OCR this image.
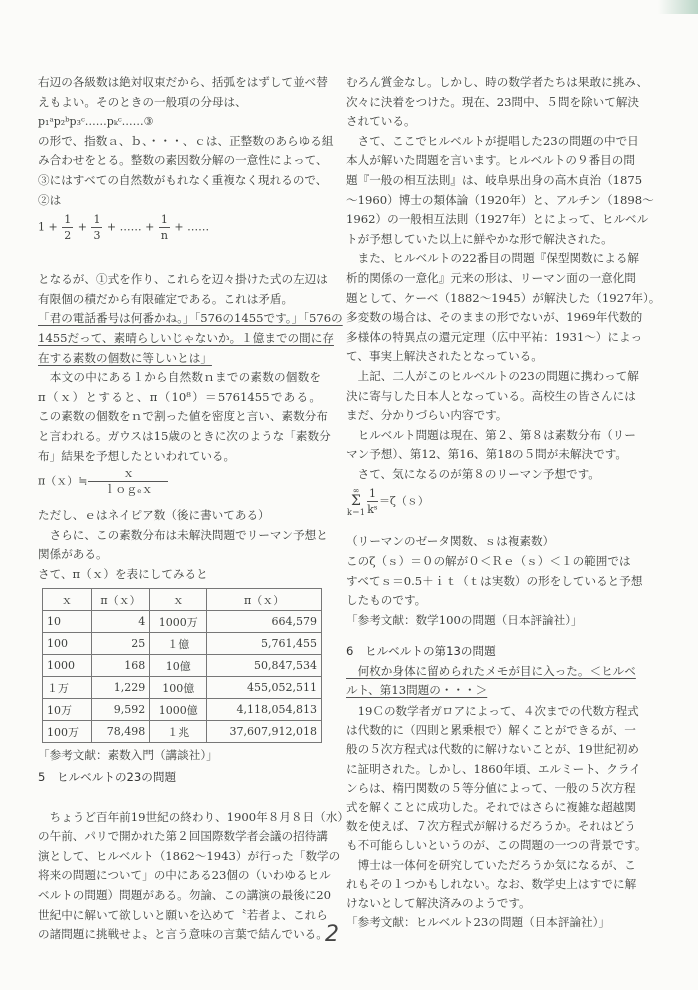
右辺の各級数は絶対収束だから、括弧をはずして並べ替
えもよい。そのときの一般項の分母は、
p₁ᵃp₂ᵇp₃ᶜ……pₖᶜ……③
の形で、指数ａ、ｂ、・・・、ｃは、正整数のあらゆる組
み合わせをとる。整数の素因数分解の一意性によって、
③にはすべての自然数がもれなく重複なく現れるので、
②は
$1 + \frac{1}{2} + \frac{1}{3}$ + …… + $\frac{1}{n}$ + ……
となるが、①式を作り、これらを辺々掛けた式の左辺は
有限個の積だから有限確定である。これは矛盾。
「君の電話番号は何番かね。」「576の1455です。」「576の
1455だって、素晴らしいじゃないか。１億までの間に存
在する素数の個数に等しいとは」
　本文の中にある１から自然数ｎまでの素数の個数を
π（ｘ）とすると、π（10⁸）＝5761455である。
この素数の個数をｎで割った値を密度と言い、素数分布
と言われる。ガウスは15歳のときに次のような「素数分
布」結果を予想したといわれている。
π（ｘ）≒ $\frac{\text{ｘ}}{\text{ｌｏｇₑｘ}}$
ただし、ｅはネイピア数（後に書いてある）
　さらに、この素数分布は未解決問題でリーマン予想と
関係がある。
さて、π（ｘ）を表にしてみると
ｘ	π（ｘ）	ｘ	π（ｘ）
10	4	1000万	664,579
100	25	１億	5,761,455
1000	168	10億	50,847,534
１万	1,229	100億	455,052,511
10万	9,592	1000億	4,118,054,813
100万	78,498	１兆	37,607,912,018
「参考文献：素数入門（講談社）」
5　ヒルベルトの23の問題
　ちょうど百年前19世紀の終わり、1900年８月８日（水）
の午前、パリで開かれた第２回国際数学者会議の招待講
演として、ヒルベルト（1862〜1943）が行った「数学の
将来の問題について」の中にある23個の（いわゆるヒル
ベルトの問題）問題がある。勿論、この講演の最後に20
世紀中に解いて欲しいと願いを込めて〝若者よ、これら
の諸問題に挑戦せよ〟と言う意味の言葉で結んでいる。
むろん賞金なし。しかし、時の数学者たちは果敢に挑み、
次々に決着をつけた。現在、23問中、５問を除いて解決
されている。
　さて、ここでヒルベルトが提唱した23の問題の中で日
本人が解いた問題を言います。ヒルベルトの９番目の問
題『一般の相互法則』は、岐阜県出身の高木貞治（1875
〜1960）博士の類体論（1920年）と、アルチン（1898〜
1962）の一般相互法則（1927年）とによって、ヒルベル
トが予想していた以上に鮮やかな形で解決された。
　また、ヒルベルトの22番目の問題『保型関数による解
析的関係の一意化』元来の形は、リーマン面の一意化問
題として、ケーベ（1882〜1945）が解決した（1927年）。
多変数の場合は、そのままの形でないが、1969年代数的
多様体の特異点の還元定理（広中平祐：1931〜）によっ
て、事実上解決されたとなっている。
　上記、二人がこのヒルベルトの23の問題に携わって解
決に寄与した日本人となっている。高校生の皆さんには
まだ、分かりづらい内容です。
　ヒルベルト問題は現在、第２、第８は素数分布（リー
マン予想）、第12、第16、第18の５問が未解決です。
　さて、気になるのが第８のリーマン予想です。
∞
Σ
$k=1 \frac{1}{\text{kˢ}}$ ＝ζ（ｓ）
（リーマンのゼータ関数、ｓは複素数）
このζ（ｓ）＝０の解が０＜Ｒｅ（ｓ）＜１の範囲では
すべてｓ＝0.5＋ｉｔ（ｔは実数）の形をしていると予想
したものです。
「参考文献：数学100の問題（日本評論社）」
6　ヒルベルトの第13の問題
　何枚か身体に留められたメモが目に入った。＜ヒルベ
ルト、第13問題の・・・＞
　19Ｃの数学者ガロアによって、４次までの代数方程式
は代数的に（四則と累乗根で）解くことができるが、一
般の５次方程式は代数的に解けないことが、19世紀初め
に証明された。しかし、1860年頃、エルミート、クライ
ンらは、楕円関数の５等分値によって、一般の５次方程
式を解くことに成功した。それではさらに複雑な超越関
数を使えば、７次方程式が解けるだろうか。それはどう
も不可能らしいというのが、この問題の一つの背景です。
　博士は一体何を研究していただろうか気になるが、こ
れもその１つかもしれない。なお、数学史上はすでに解
けないとして解決済みのようです。
「参考文献：ヒルベルト23の問題（日本評論社）」
2
